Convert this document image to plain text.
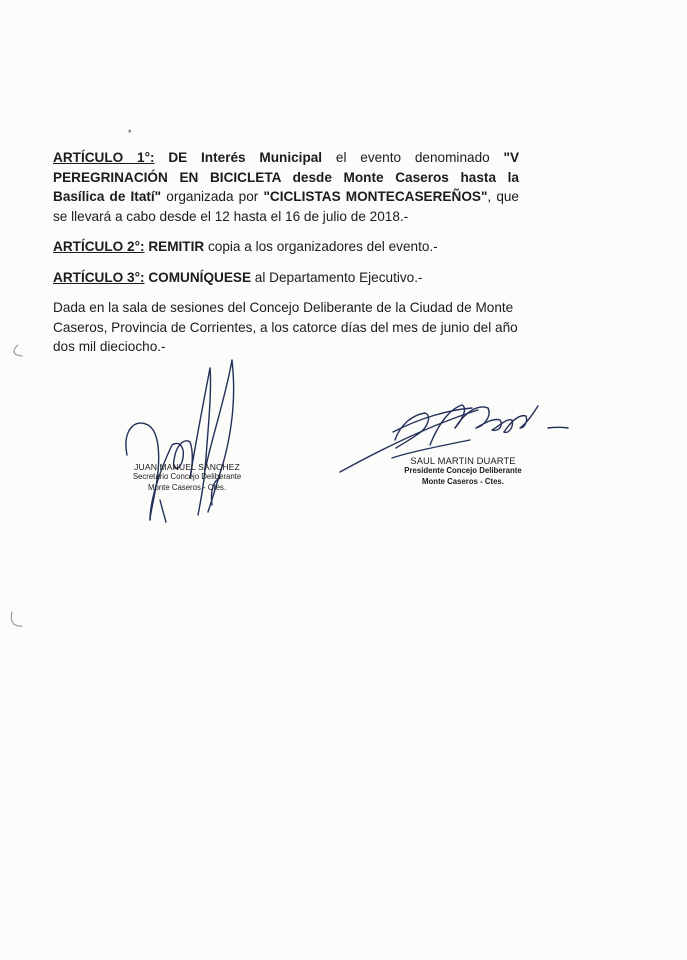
*

ARTÍCULO 1°: DE Interés Municipal el evento denominado "V PEREGRINACIÓN EN BICICLETA desde Monte Caseros hasta la Basílica de Itatí" organizada por "CICLISTAS MONTECASEREÑOS", que se llevará a cabo desde el 12 hasta el 16 de julio de 2018.-

ARTÍCULO 2°: REMITIR copia a los organizadores del evento.-

ARTÍCULO 3°: COMUNÍQUESE al Departamento Ejecutivo.-

Dada en la sala de sesiones del Concejo Deliberante de la Ciudad de Monte Caseros, Provincia de Corrientes, a los catorce días del mes de junio del año dos mil dieciocho.-

JUAN MANUEL SÁNCHEZ
Secretario Concejo Deliberante
Monte Caseros - Ctes.
SAUL MARTIN DUARTE
Presidente Concejo Deliberante
Monte Caseros - Ctes.
